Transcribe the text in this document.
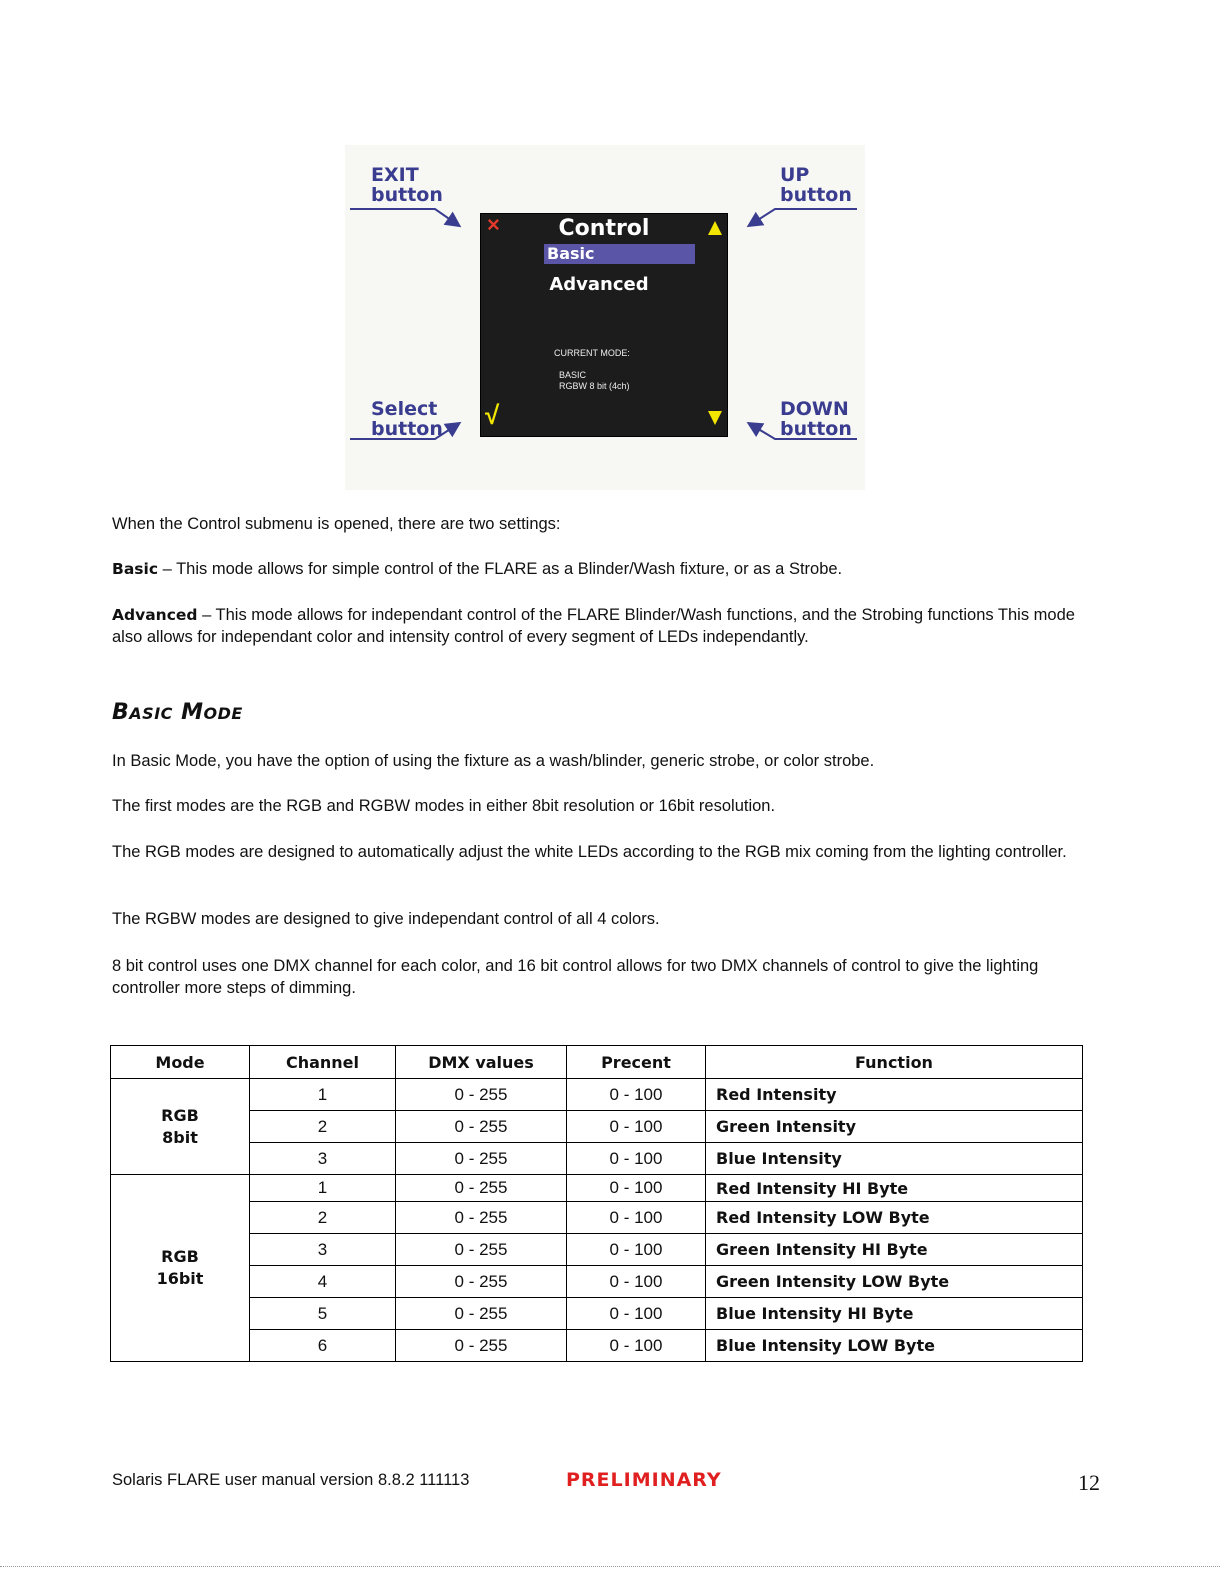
EXIT
button
UP
button
Select
button
DOWN
button
×
√
Control
Basic
Advanced
CURRENT MODE:
BASIC
RGBW 8 bit (4ch)

When the Control submenu is opened, there are two settings:

Basic – This mode allows for simple control of the FLARE as a Blinder/Wash fixture, or as a Strobe.

Advanced – This mode allows for independant control of the FLARE Blinder/Wash functions, and the Strobing functions This mode also allows for independant color and intensity control of every segment of LEDs independantly.

BASIC MODE

In Basic Mode, you have the option of using the fixture as a wash/blinder, generic strobe, or color strobe.

The first modes are the RGB and RGBW modes in either 8bit resolution or 16bit resolution.

The RGB modes are designed to automatically adjust the white LEDs according to the RGB mix coming from the lighting controller.

The RGBW modes are designed to give independant control of all 4 colors.

8 bit control uses one DMX channel for each color, and 16 bit control allows for two DMX channels of control to give the lighting controller more steps of dimming.

Mode	Channel	DMX values	Precent	Function

RGB
8bit	1	0 - 255	0 - 100	Red Intensity
	2	0 - 255	0 - 100	Green Intensity
	3	0 - 255	0 - 100	Blue Intensity

RGB
16bit	1	0 - 255	0 - 100	Red Intensity HI Byte
	2	0 - 255	0 - 100	Red Intensity LOW Byte
	3	0 - 255	0 - 100	Green Intensity HI Byte
	4	0 - 255	0 - 100	Green Intensity LOW Byte
	5	0 - 255	0 - 100	Blue Intensity HI Byte
	6	0 - 255	0 - 100	Blue Intensity LOW Byte
Solaris FLARE user manual version 8.8.2 111113	PRELIMINARY	12
